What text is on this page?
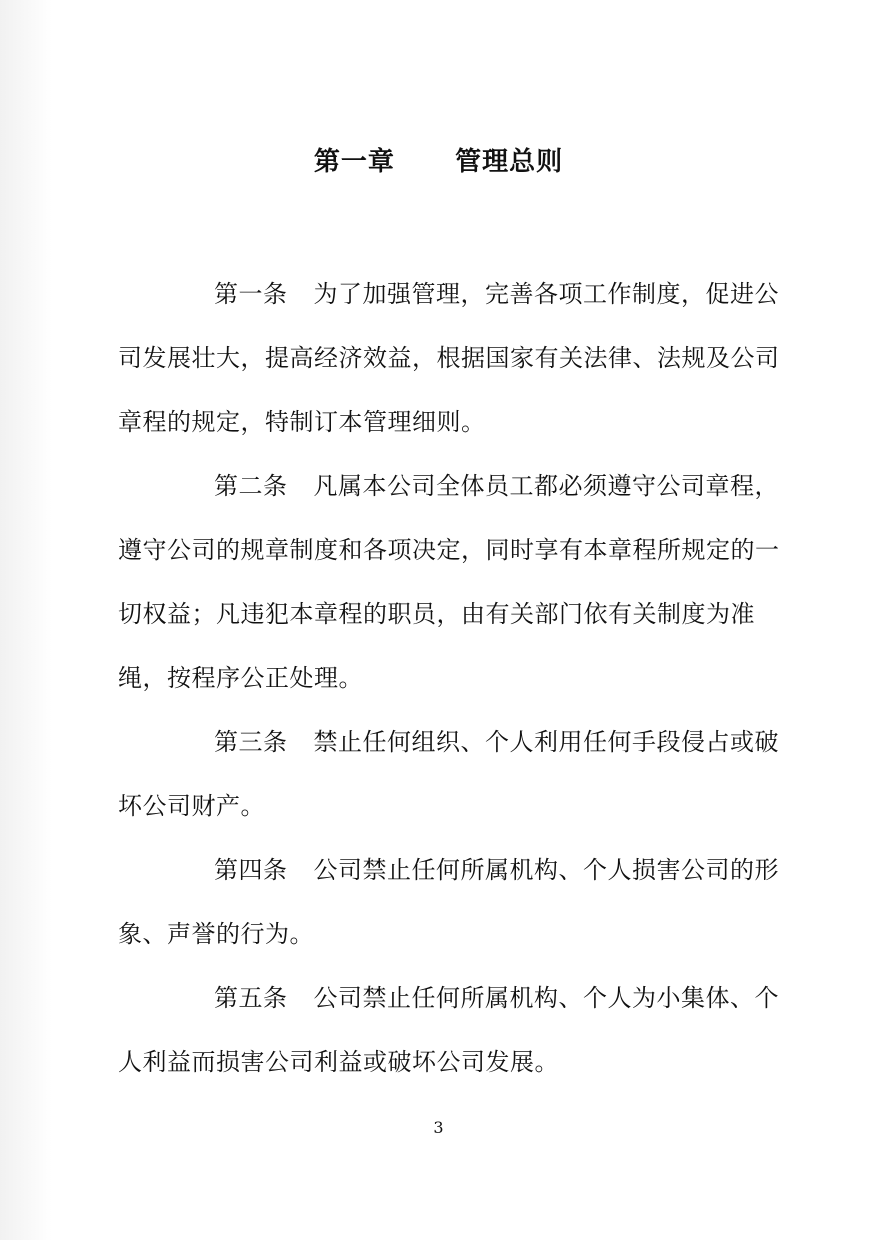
第一章      管理总则

第一条 为了加强管理，完善各项工作制度，促进公司发展壮大，提高经济效益，根据国家有关法律、法规及公司章程的规定，特制订本管理细则。

第二条 凡属本公司全体员工都必须遵守公司章程，遵守公司的规章制度和各项决定，同时享有本章程所规定的一切权益；凡违犯本章程的职员，由有关部门依有关制度为准绳，按程序公正处理。

第三条 禁止任何组织、个人利用任何手段侵占或破坏公司财产。

第四条 公司禁止任何所属机构、个人损害公司的形象、声誉的行为。

第五条 公司禁止任何所属机构、个人为小集体、个人利益而损害公司利益或破坏公司发展。

3
